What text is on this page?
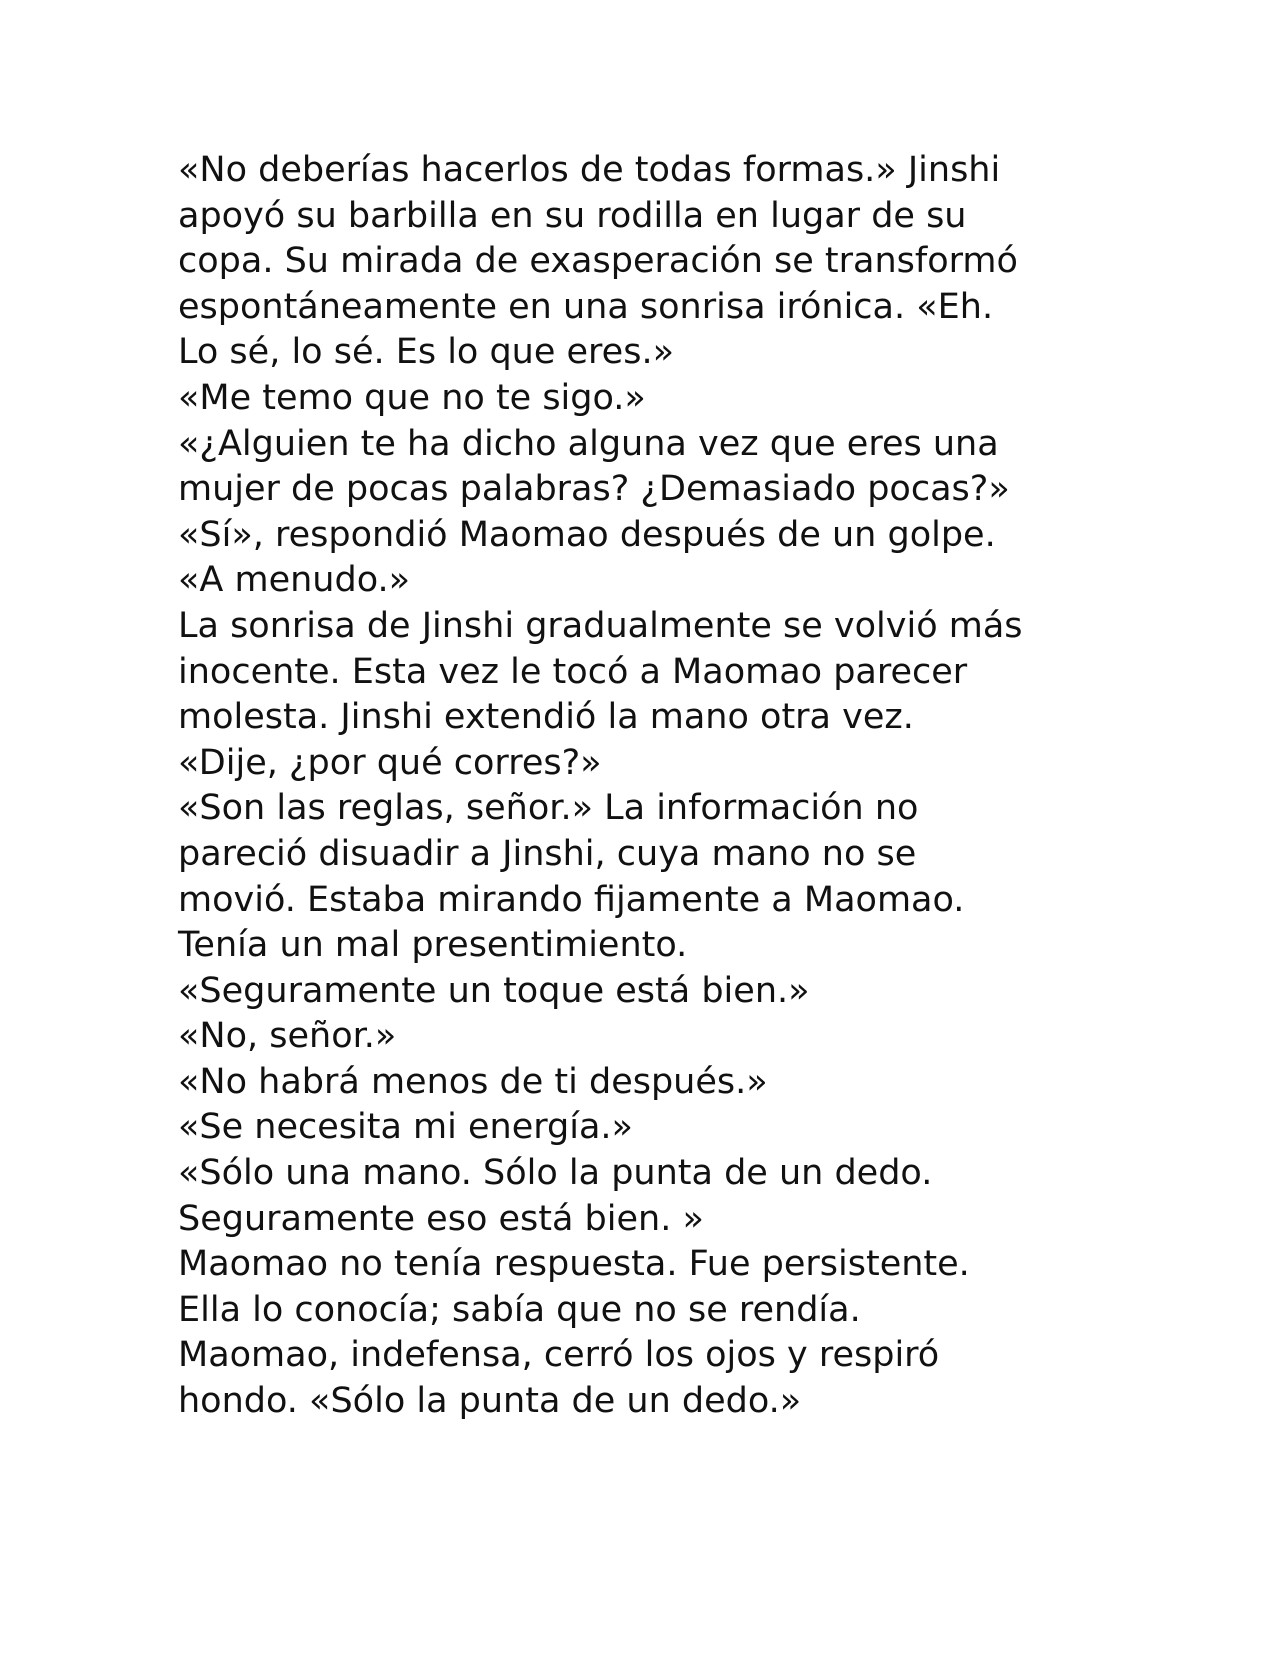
«No deberías hacerlos de todas formas.» Jinshi
apoyó su barbilla en su rodilla en lugar de su
copa. Su mirada de exasperación se transformó
espontáneamente en una sonrisa irónica. «Eh.
Lo sé, lo sé. Es lo que eres.»
«Me temo que no te sigo.»
«¿Alguien te ha dicho alguna vez que eres una
mujer de pocas palabras? ¿Demasiado pocas?»
«Sí», respondió Maomao después de un golpe.
«A menudo.»
La sonrisa de Jinshi gradualmente se volvió más
inocente. Esta vez le tocó a Maomao parecer
molesta. Jinshi extendió la mano otra vez.
«Dije, ¿por qué corres?»
«Son las reglas, señor.» La información no
pareció disuadir a Jinshi, cuya mano no se
movió. Estaba mirando fijamente a Maomao.
Tenía un mal presentimiento.
«Seguramente un toque está bien.»
«No, señor.»
«No habrá menos de ti después.»
«Se necesita mi energía.»
«Sólo una mano. Sólo la punta de un dedo.
Seguramente eso está bien. »
Maomao no tenía respuesta. Fue persistente.
Ella lo conocía; sabía que no se rendía.
Maomao, indefensa, cerró los ojos y respiró
hondo. «Sólo la punta de un dedo.»
